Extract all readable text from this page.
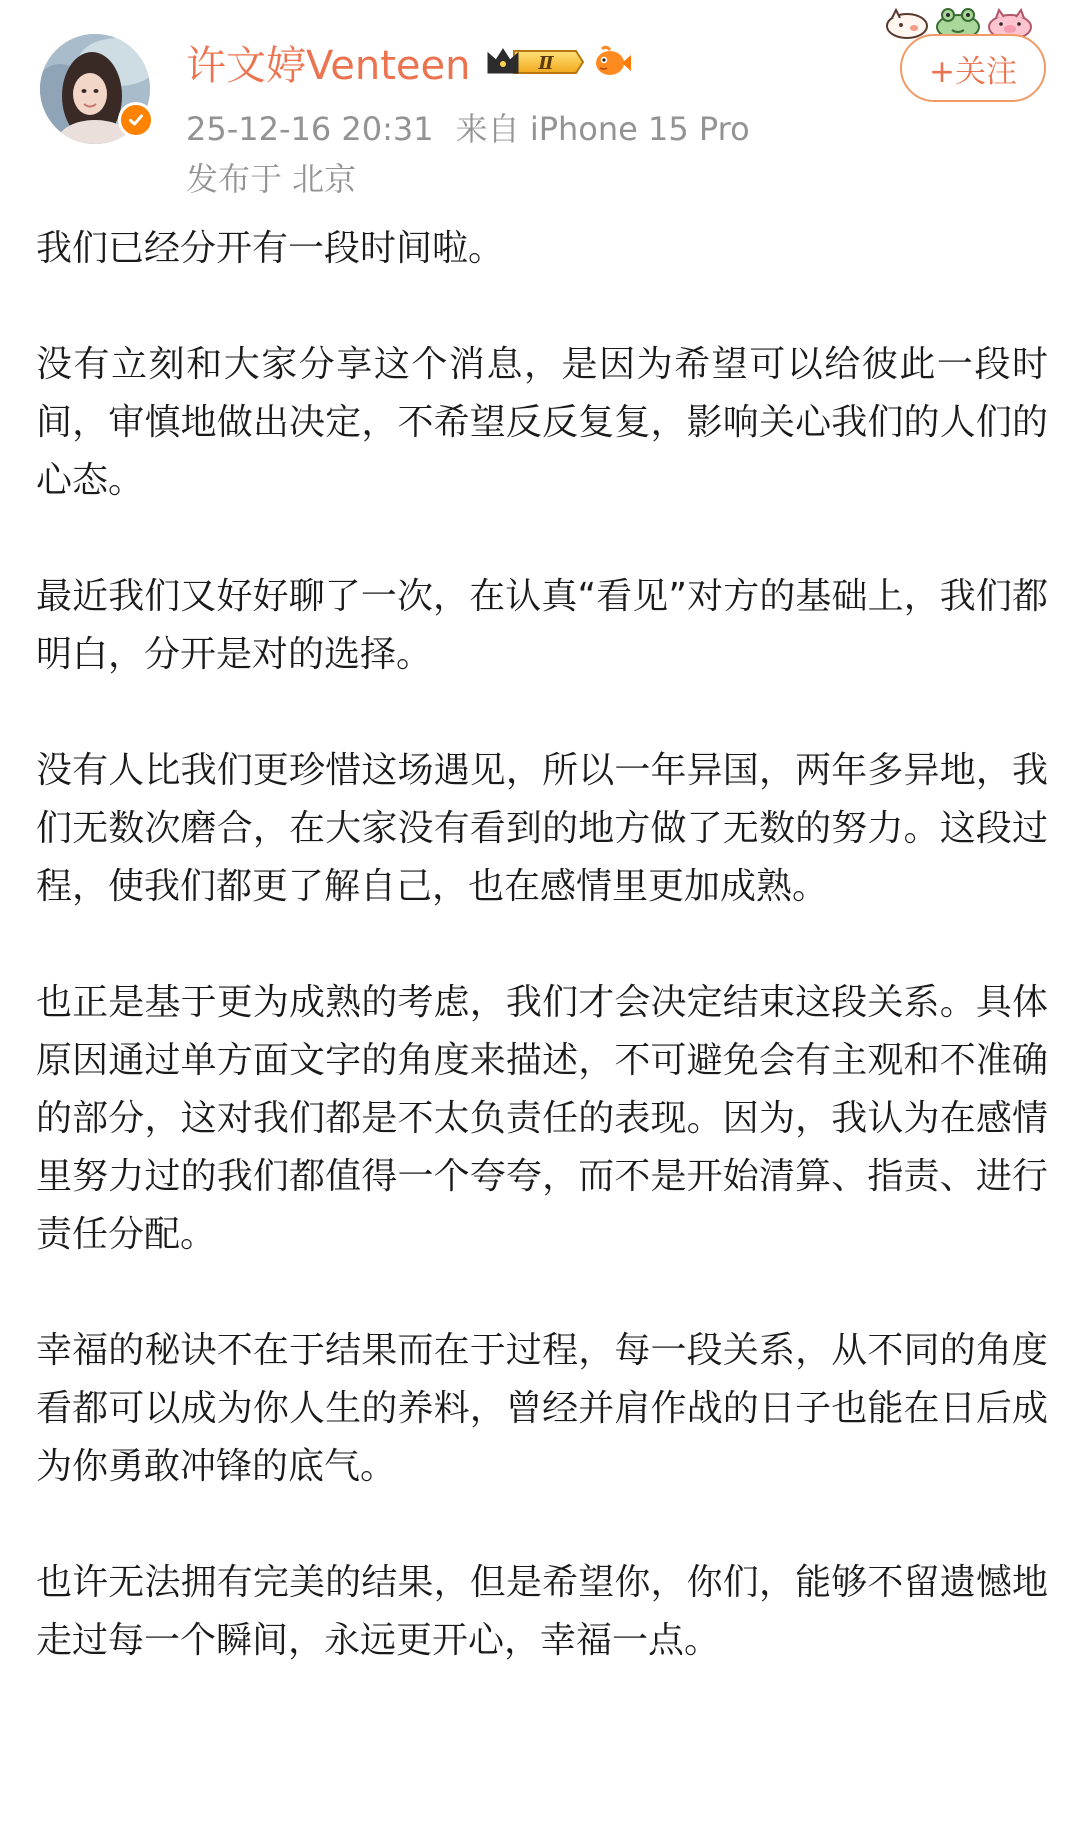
许文婷Venteen	Ⅱ
25-12-16 20:31 来自 iPhone 15 Pro
发布于 北京
+关注

我们已经分开有一段时间啦。

没有立刻和大家分享这个消息，是因为希望可以给彼此一段时间，审慎地做出决定，不希望反反复复，影响关心我们的人们的心态。

最近我们又好好聊了一次，在认真“看见”对方的基础上，我们都明白，分开是对的选择。

没有人比我们更珍惜这场遇见，所以一年异国，两年多异地，我们无数次磨合，在大家没有看到的地方做了无数的努力。这段过程，使我们都更了解自己，也在感情里更加成熟。

也正是基于更为成熟的考虑，我们才会决定结束这段关系。具体原因通过单方面文字的角度来描述，不可避免会有主观和不准确的部分，这对我们都是不太负责任的表现。因为，我认为在感情里努力过的我们都值得一个夸夸，而不是开始清算、指责、进行责任分配。

幸福的秘诀不在于结果而在于过程，每一段关系，从不同的角度看都可以成为你人生的养料，曾经并肩作战的日子也能在日后成为你勇敢冲锋的底气。

也许无法拥有完美的结果，但是希望你，你们，能够不留遗憾地走过每一个瞬间，永远更开心，幸福一点。
